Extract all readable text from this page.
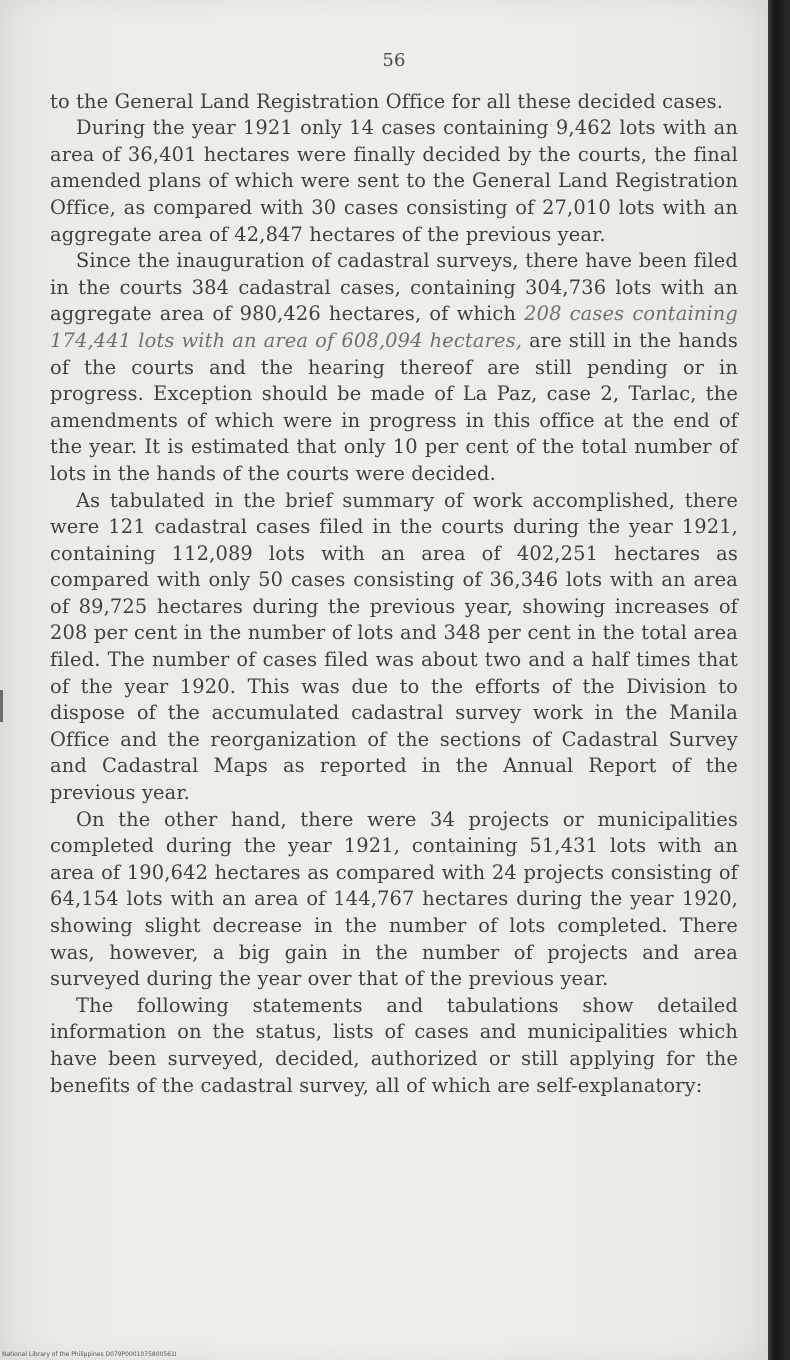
56

to the General Land Registration Office for all these decided cases.

During the year 1921 only 14 cases containing 9,462 lots with an area of 36,401 hectares were finally decided by the courts, the final amended plans of which were sent to the General Land Registration Office, as compared with 30 cases consisting of 27,010 lots with an aggregate area of 42,847 hectares of the previous year.

Since the inauguration of cadastral surveys, there have been filed in the courts 384 cadastral cases, containing 304,736 lots with an aggregate area of 980,426 hectares, of which 208 cases containing 174,441 lots with an area of 608,094 hectares, are still in the hands of the courts and the hearing thereof are still pending or in progress. Exception should be made of La Paz, case 2, Tarlac, the amendments of which were in progress in this office at the end of the year. It is estimated that only 10 per cent of the total number of lots in the hands of the courts were decided.

As tabulated in the brief summary of work accomplished, there were 121 cadastral cases filed in the courts during the year 1921, containing 112,089 lots with an area of 402,251 hectares as compared with only 50 cases consisting of 36,346 lots with an area of 89,725 hectares during the previous year, showing increases of 208 per cent in the number of lots and 348 per cent in the total area filed. The number of cases filed was about two and a half times that of the year 1920. This was due to the efforts of the Division to dispose of the accumulated cadastral survey work in the Manila Office and the reorganization of the sections of Cadastral Survey and Cadastral Maps as reported in the Annual Report of the previous year.

On the other hand, there were 34 projects or municipalities completed during the year 1921, containing 51,431 lots with an area of 190,642 hectares as compared with 24 projects consisting of 64,154 lots with an area of 144,767 hectares during the year 1920, showing slight decrease in the number of lots completed. There was, however, a big gain in the number of projects and area surveyed during the year over that of the previous year.

The following statements and tabulations show detailed information on the status, lists of cases and municipalities which have been surveyed, decided, authorized or still applying for the benefits of the cadastral survey, all of which are self-explanatory:

National Library of the Philippines D079P0001075800561I
